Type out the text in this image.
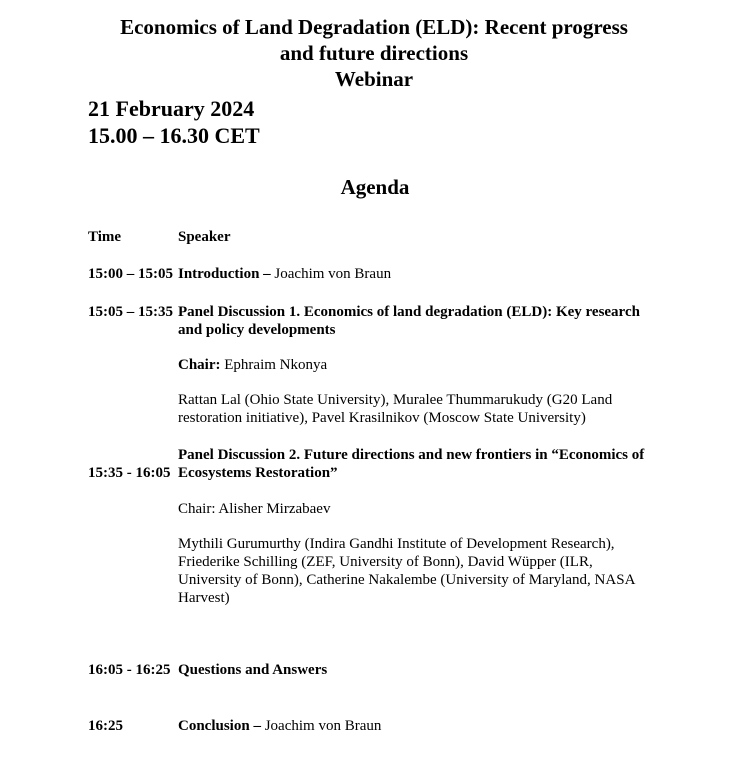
Economics of Land Degradation (ELD): Recent progress
and future directions
Webinar
21 February 2024
15.00 – 16.30 CET
Agenda
Time	Speaker
15:00 – 15:05 Introduction – Joachim von Braun
15:05 – 15:35 Panel Discussion 1. Economics of land degradation (ELD): Key research and policy developments
Chair: Ephraim Nkonya
Rattan Lal (Ohio State University), Muralee Thummarukudy (G20 Land restoration initiative), Pavel Krasilnikov (Moscow State University)
15:35 - 16:05
Panel Discussion 2. Future directions and new frontiers in “Economics of Ecosystems Restoration”
Chair: Alisher Mirzabaev
Mythili Gurumurthy (Indira Gandhi Institute of Development Research), Friederike Schilling (ZEF, University of Bonn), David Wüpper (ILR, University of Bonn), Catherine Nakalembe (University of Maryland, NASA Harvest)
16:05 - 16:25 Questions and Answers
16:25	Conclusion – Joachim von Braun
